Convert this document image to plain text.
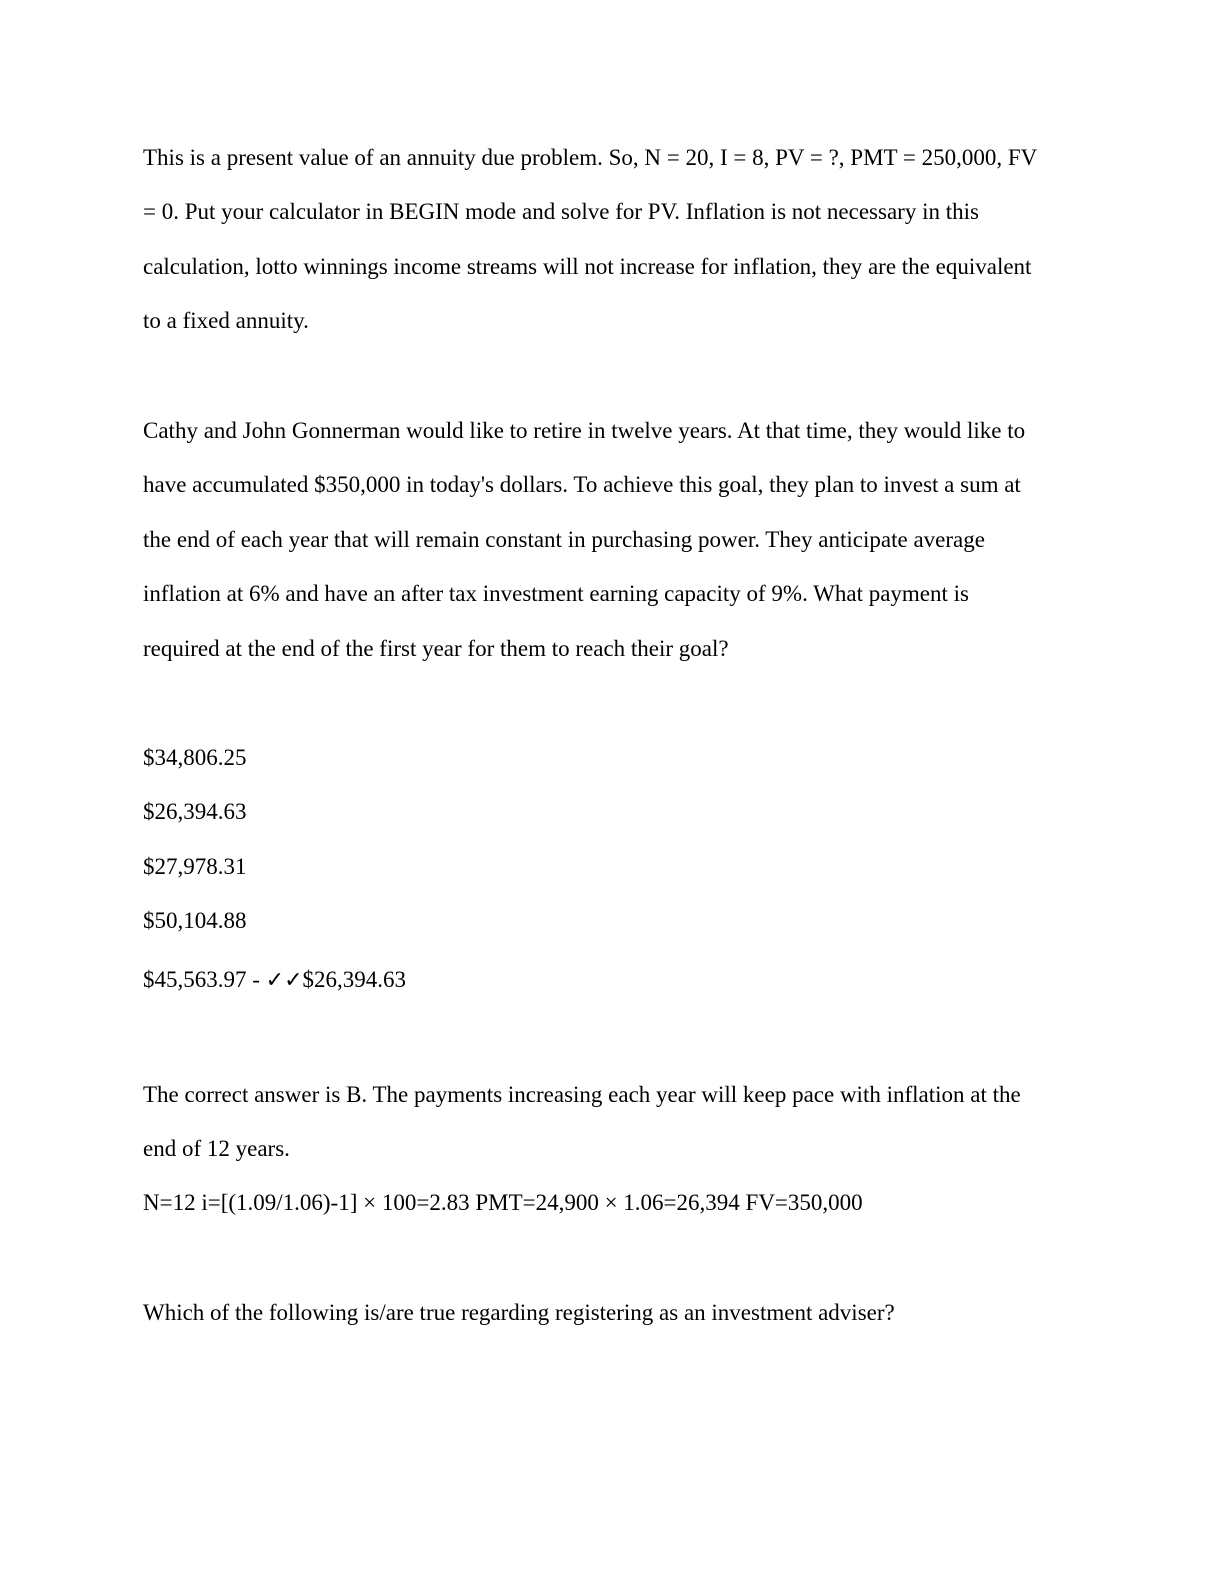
This is a present value of an annuity due problem. So, N = 20, I = 8, PV = ?, PMT = 250,000, FV
= 0. Put your calculator in BEGIN mode and solve for PV. Inflation is not necessary in this
calculation, lotto winnings income streams will not increase for inflation, they are the equivalent
to a fixed annuity.
Cathy and John Gonnerman would like to retire in twelve years. At that time, they would like to
have accumulated $350,000 in today's dollars. To achieve this goal, they plan to invest a sum at
the end of each year that will remain constant in purchasing power. They anticipate average
inflation at 6% and have an after tax investment earning capacity of 9%. What payment is
required at the end of the first year for them to reach their goal?
$34,806.25
$26,394.63
$27,978.31
$50,104.88
$45,563.97 - ✓✓$26,394.63
The correct answer is B. The payments increasing each year will keep pace with inflation at the
end of 12 years.
N=12 i=[(1.09/1.06)-1] × 100=2.83 PMT=24,900 × 1.06=26,394 FV=350,000
Which of the following is/are true regarding registering as an investment adviser?
